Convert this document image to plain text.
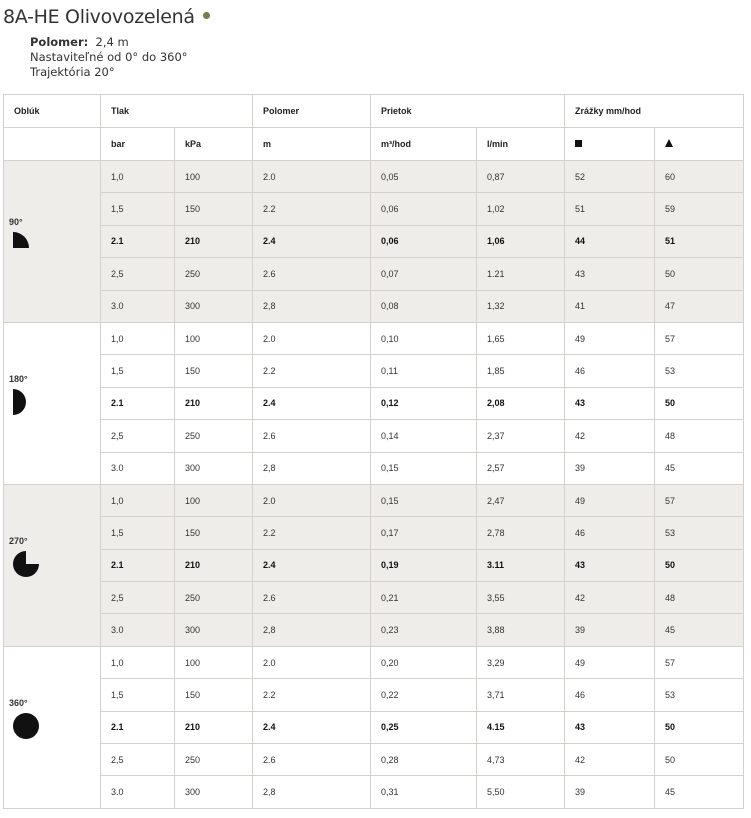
8A-HE Olivovozelená
Polomer: 2,4 m
Nastaviteľné od 0° do 360°
Trajektória 20°
Oblúk	Tlak		Polomer	Prietok		Zrážky mm/hod	
	bar	kPa	m	m³/hod	l/min		

90°	1,0	100	2.0	0,05	0,87	52	60
	1,5	150	2.2	0,06	1,02	51	59
	2.1	210	2.4	0,06	1,06	44	51
	2,5	250	2.6	0,07	1.21	43	50
	3.0	300	2,8	0,08	1,32	41	47

180°	1,0	100	2.0	0,10	1,65	49	57
	1,5	150	2.2	0,11	1,85	46	53
	2.1	210	2.4	0,12	2,08	43	50
	2,5	250	2.6	0,14	2,37	42	48
	3.0	300	2,8	0,15	2,57	39	45

270°	1,0	100	2.0	0,15	2,47	49	57
	1,5	150	2.2	0,17	2,78	46	53
	2.1	210	2.4	0,19	3.11	43	50
	2,5	250	2.6	0,21	3,55	42	48
	3.0	300	2,8	0,23	3,88	39	45

360°	1,0	100	2.0	0,20	3,29	49	57
	1,5	150	2.2	0,22	3,71	46	53
	2.1	210	2.4	0,25	4.15	43	50
	2,5	250	2.6	0,28	4,73	42	50
	3.0	300	2,8	0,31	5,50	39	45
